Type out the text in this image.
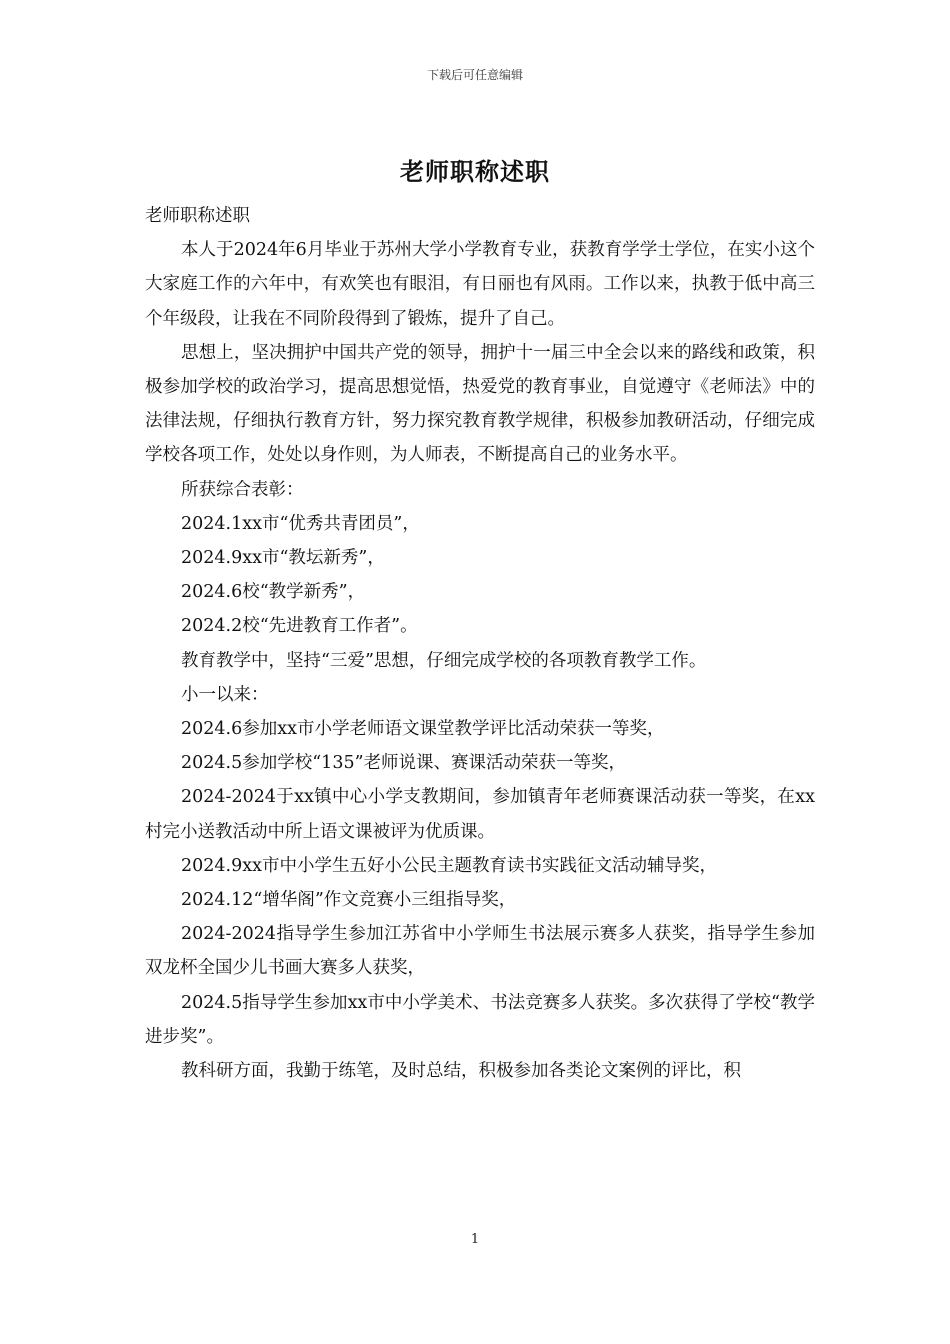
下载后可任意编辑
老师职称述职

老师职称述职

本人于2024年6月毕业于苏州大学小学教育专业，获教育学学士学位，在实小这个大家庭工作的六年中，有欢笑也有眼泪，有日丽也有风雨。工作以来，执教于低中高三个年级段，让我在不同阶段得到了锻炼，提升了自己。

思想上，坚决拥护中国共产党的领导，拥护十一届三中全会以来的路线和政策，积极参加学校的政治学习，提高思想觉悟，热爱党的教育事业，自觉遵守《老师法》中的法律法规，仔细执行教育方针，努力探究教育教学规律，积极参加教研活动，仔细完成学校各项工作，处处以身作则，为人师表，不断提高自己的业务水平。

所获综合表彰：

2024.1xx市“优秀共青团员”，

2024.9xx市“教坛新秀”，

2024.6校“教学新秀”，

2024.2校“先进教育工作者”。

教育教学中，坚持“三爱”思想，仔细完成学校的各项教育教学工作。

小一以来：

2024.6参加xx市小学老师语文课堂教学评比活动荣获一等奖，

2024.5参加学校“135”老师说课、赛课活动荣获一等奖，

2024-2024于xx镇中心小学支教期间，参加镇青年老师赛课活动获一等奖，在xx村完小送教活动中所上语文课被评为优质课。

2024.9xx市中小学生五好小公民主题教育读书实践征文活动辅导奖，

2024.12“增华阁”作文竞赛小三组指导奖，

2024-2024指导学生参加江苏省中小学师生书法展示赛多人获奖，指导学生参加双龙杯全国少儿书画大赛多人获奖，

2024.5指导学生参加xx市中小学美术、书法竞赛多人获奖。多次获得了学校“教学进步奖”。

教科研方面，我勤于练笔，及时总结，积极参加各类论文案例的评比，积

1
